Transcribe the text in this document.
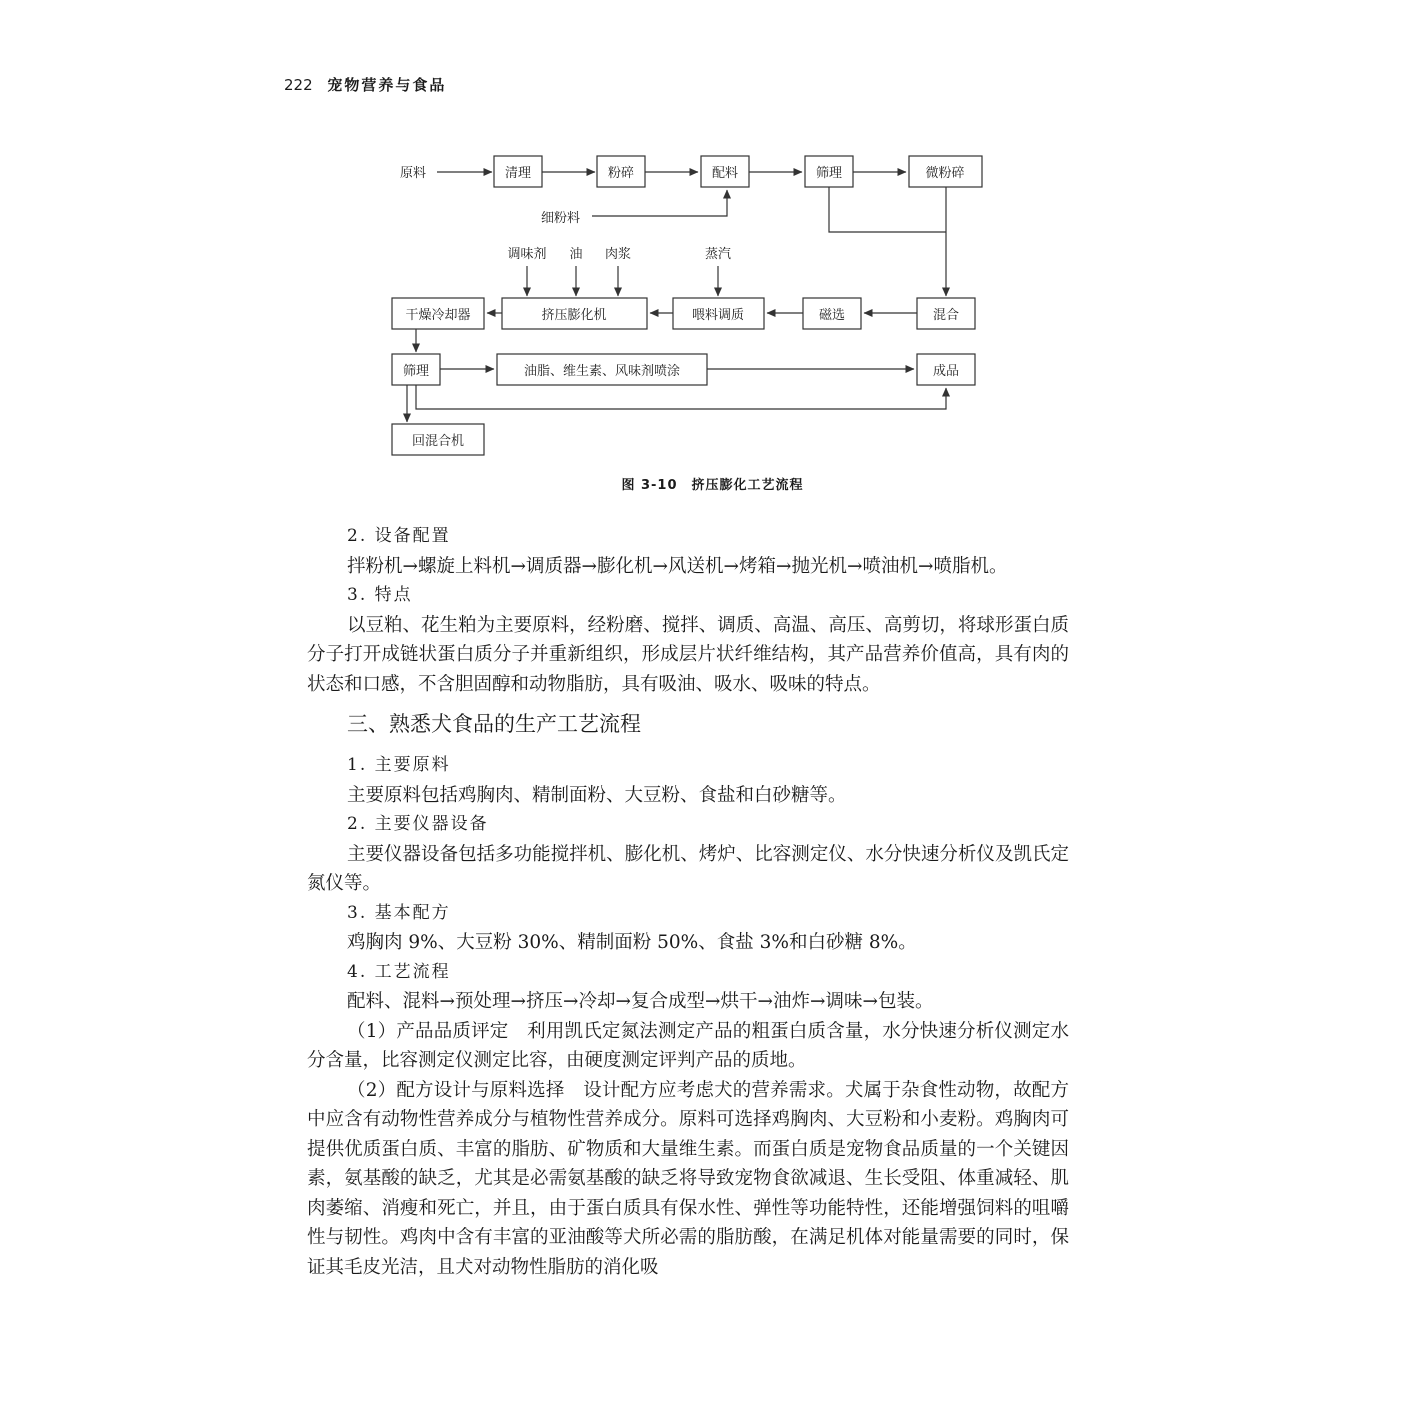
222 宠物营养与食品
原料	清理	粉碎	配料	筛理	微粉碎
细粉料
调味剂 油 肉浆	蒸汽
干燥冷却器	挤压膨化机	喂料调质	磁选	混合
筛理	油脂、维生素、风味剂喷涂	成品
回混合机
图 3-10　挤压膨化工艺流程

2. 设备配置

拌粉机→螺旋上料机→调质器→膨化机→风送机→烤箱→抛光机→喷油机→喷脂机。

3. 特点

以豆粕、花生粕为主要原料，经粉磨、搅拌、调质、高温、高压、高剪切，将球形蛋白质分子打开成链状蛋白质分子并重新组织，形成层片状纤维结构，其产品营养价值高，具有肉的状态和口感，不含胆固醇和动物脂肪，具有吸油、吸水、吸味的特点。

三、熟悉犬食品的生产工艺流程

1. 主要原料

主要原料包括鸡胸肉、精制面粉、大豆粉、食盐和白砂糖等。

2. 主要仪器设备

主要仪器设备包括多功能搅拌机、膨化机、烤炉、比容测定仪、水分快速分析仪及凯氏定氮仪等。

3. 基本配方

鸡胸肉 9%、大豆粉 30%、精制面粉 50%、食盐 3%和白砂糖 8%。

4. 工艺流程

配料、混料→预处理→挤压→冷却→复合成型→烘干→油炸→调味→包装。

（1）产品品质评定　利用凯氏定氮法测定产品的粗蛋白质含量，水分快速分析仪测定水分含量，比容测定仪测定比容，由硬度测定评判产品的质地。

（2）配方设计与原料选择　设计配方应考虑犬的营养需求。犬属于杂食性动物，故配方中应含有动物性营养成分与植物性营养成分。原料可选择鸡胸肉、大豆粉和小麦粉。鸡胸肉可提供优质蛋白质、丰富的脂肪、矿物质和大量维生素。而蛋白质是宠物食品质量的一个关键因素，氨基酸的缺乏，尤其是必需氨基酸的缺乏将导致宠物食欲减退、生长受阻、体重减轻、肌肉萎缩、消瘦和死亡，并且，由于蛋白质具有保水性、弹性等功能特性，还能增强饲料的咀嚼性与韧性。鸡肉中含有丰富的亚油酸等犬所必需的脂肪酸，在满足机体对能量需要的同时，保证其毛皮光洁，且犬对动物性脂肪的消化吸
